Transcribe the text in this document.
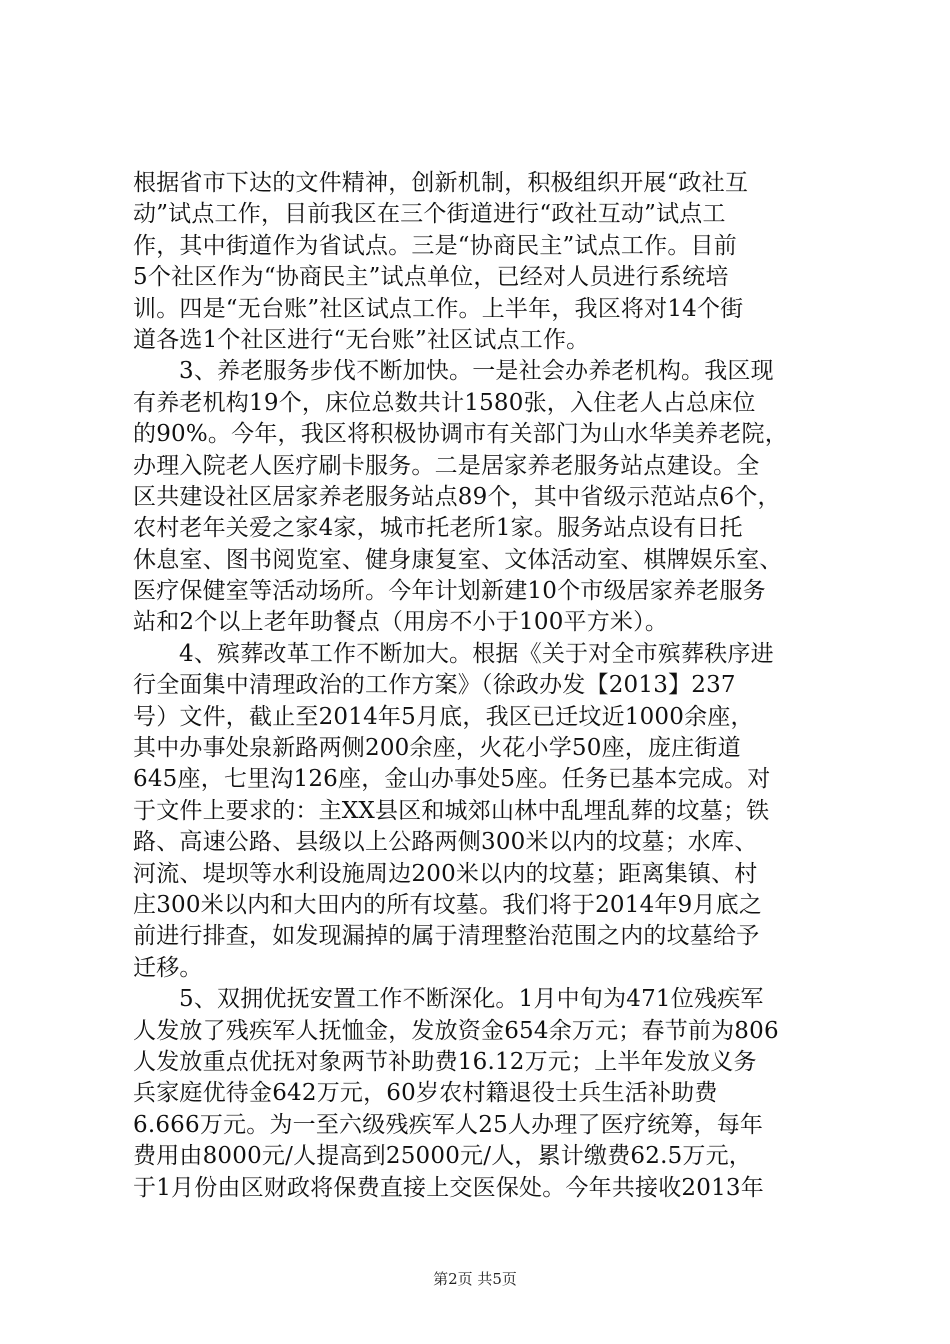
根据省市下达的文件精神，创新机制，积极组织开展“政社互
动”试点工作，目前我区在三个街道进行“政社互动”试点工
作，其中街道作为省试点。三是“协商民主”试点工作。目前
5个社区作为“协商民主”试点单位，已经对人员进行系统培
训。四是“无台账”社区试点工作。上半年，我区将对14个街
道各选1个社区进行“无台账”社区试点工作。
3、养老服务步伐不断加快。一是社会办养老机构。我区现
有养老机构19个，床位总数共计1580张，入住老人占总床位
的90%。今年，我区将积极协调市有关部门为山水华美养老院，
办理入院老人医疗刷卡服务。二是居家养老服务站点建设。全
区共建设社区居家养老服务站点89个，其中省级示范站点6个，
农村老年关爱之家4家，城市托老所1家。服务站点设有日托
休息室、图书阅览室、健身康复室、文体活动室、棋牌娱乐室、
医疗保健室等活动场所。今年计划新建10个市级居家养老服务
站和2个以上老年助餐点（用房不小于100平方米）。
4、殡葬改革工作不断加大。根据《关于对全市殡葬秩序进
行全面集中清理政治的工作方案》（徐政办发【2013】237
号）文件，截止至2014年5月底，我区已迁坟近1000余座，
其中办事处泉新路两侧200余座，火花小学50座，庞庄街道
645座，七里沟126座，金山办事处5座。任务已基本完成。对
于文件上要求的：主XX县区和城郊山林中乱埋乱葬的坟墓；铁
路、高速公路、县级以上公路两侧300米以内的坟墓；水库、
河流、堤坝等水利设施周边200米以内的坟墓；距离集镇、村
庄300米以内和大田内的所有坟墓。我们将于2014年9月底之
前进行排查，如发现漏掉的属于清理整治范围之内的坟墓给予
迁移。
5、双拥优抚安置工作不断深化。1月中旬为471位残疾军
人发放了残疾军人抚恤金，发放资金654余万元；春节前为806
人发放重点优抚对象两节补助费16.12万元；上半年发放义务
兵家庭优待金642万元，60岁农村籍退役士兵生活补助费
6.666万元。为一至六级残疾军人25人办理了医疗统筹，每年
费用由8000元/人提高到25000元/人，累计缴费62.5万元，
于1月份由区财政将保费直接上交医保处。今年共接收2013年
第2页 共5页
